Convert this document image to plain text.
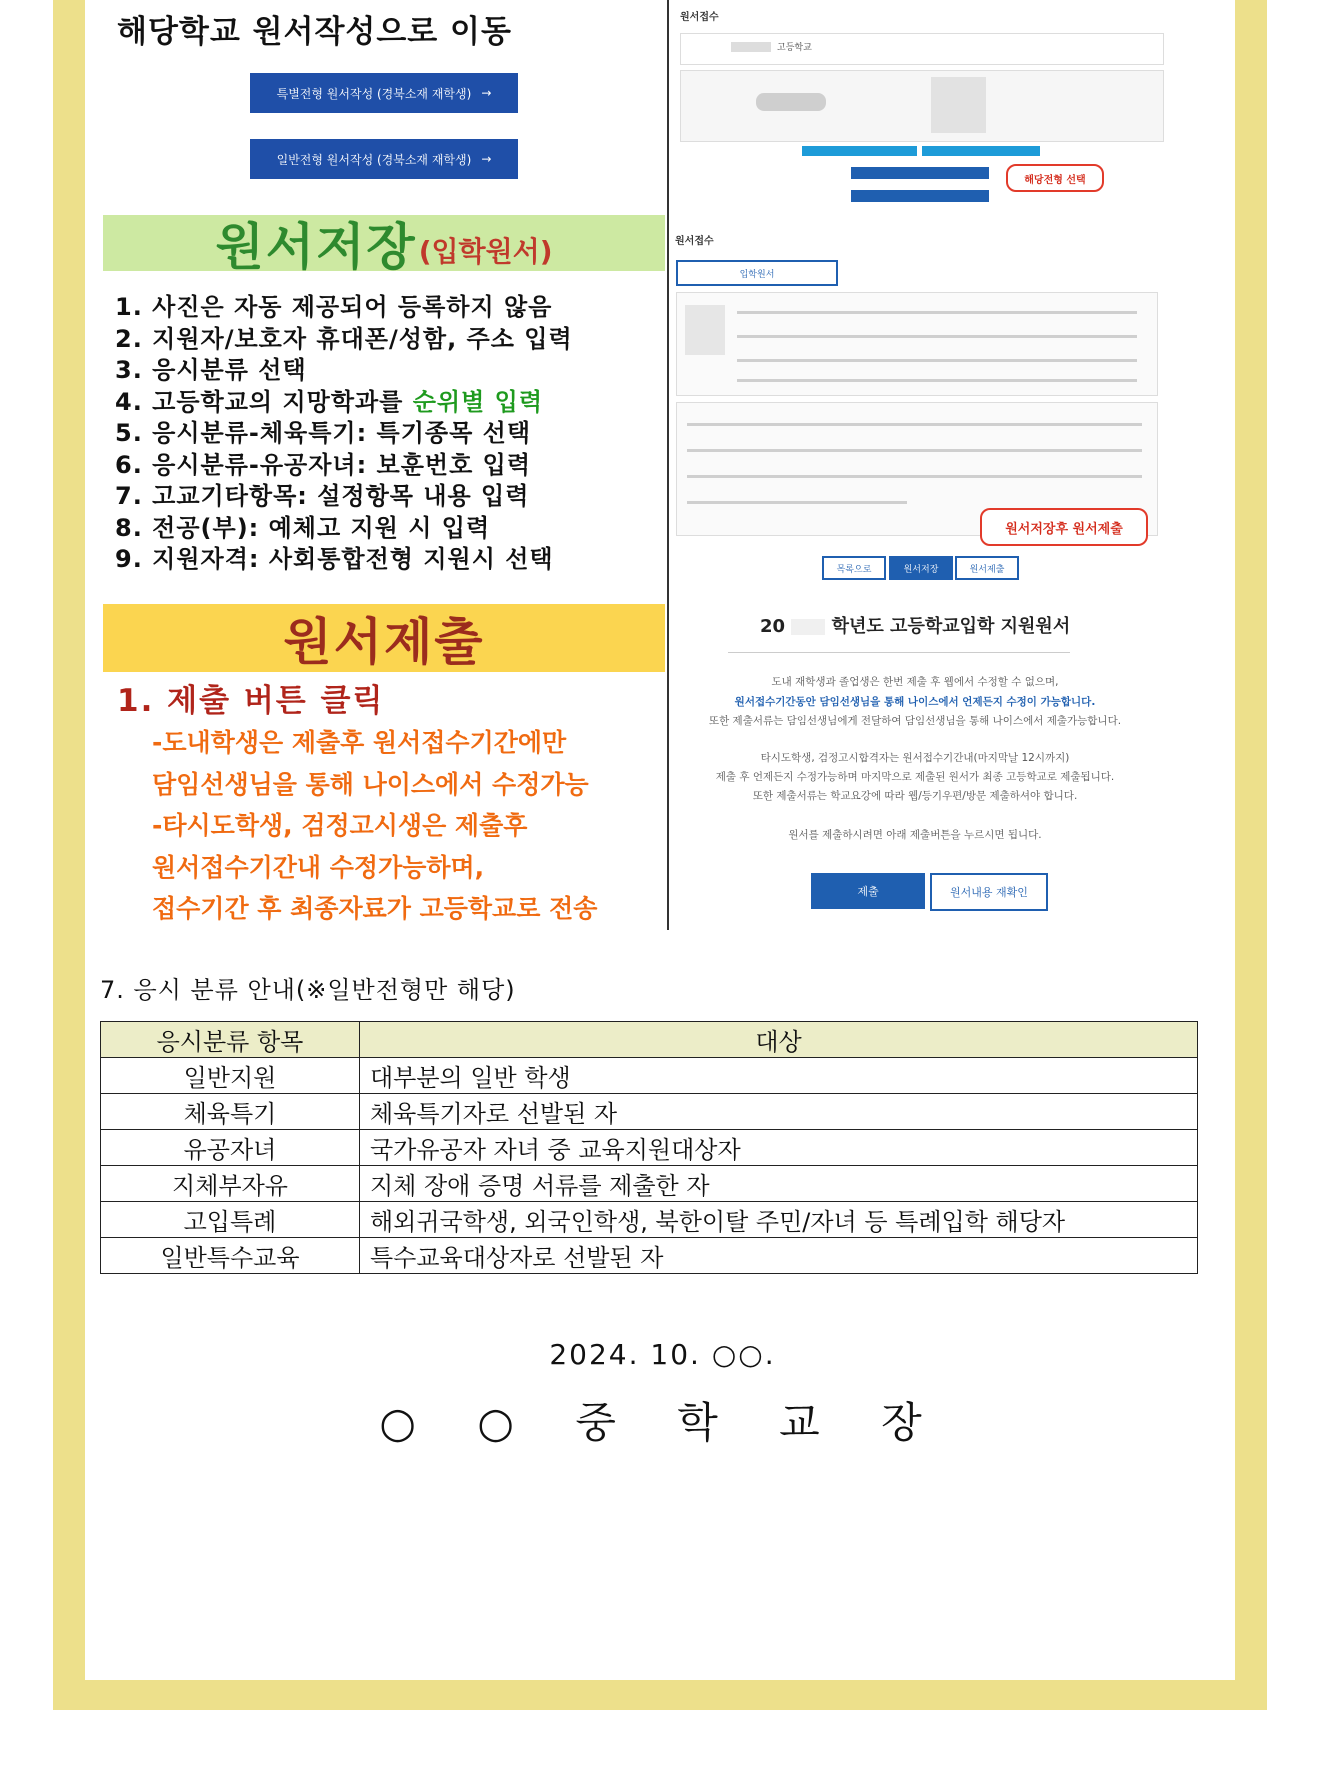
해당학교 원서작성으로 이동
특별전형 원서작성 (경북소재 재학생) →
일반전형 원서작성 (경북소재 재학생) →
원서저장 (입학원서)
1. 사진은 자동 제공되어 등록하지 않음
2. 지원자/보호자 휴대폰/성함, 주소 입력
3. 응시분류 선택
4. 고등학교의 지망학과를 순위별 입력
5. 응시분류-체육특기: 특기종목 선택
6. 응시분류-유공자녀: 보훈번호 입력
7. 고교기타항목: 설정항목 내용 입력
8. 전공(부): 예체고 지원 시 입력
9. 지원자격: 사회통합전형 지원시 선택
원서제출
1. 제출 버튼 클릭
-도내학생은 제출후 원서접수기간에만
담임선생님을 통해 나이스에서 수정가능
-타시도학생, 검정고시생은 제출후
원서접수기간내 수정가능하며,
접수기간 후 최종자료가 고등학교로 전송
원서접수
고등학교
해당전형 선택
원서접수
입학원서
원서저장후 원서제출
목록으로	원서저장	원서제출
20	학년도 고등학교입학 지원원서
도내 재학생과 졸업생은 한번 제출 후 웹에서 수정할 수 없으며,
원서접수기간동안 담임선생님을 통해 나이스에서 언제든지 수정이 가능합니다.
또한 제출서류는 담임선생님에게 전달하여 담임선생님을 통해 나이스에서 제출가능합니다.
타시도학생, 검정고시합격자는 원서접수기간내(마지막날 12시까지)
제출 후 언제든지 수정가능하며 마지막으로 제출된 원서가 최종 고등학교로 제출됩니다.
또한 제출서류는 학교요강에 따라 웹/등기우편/방문 제출하셔야 합니다.
원서를 제출하시려면 아래 제출버튼을 누르시면 됩니다.
제출	원서내용 재확인
7. 응시 분류 안내(※일반전형만 해당)
응시분류 항목	대상
일반지원	대부분의 일반 학생
체육특기	체육특기자로 선발된 자
유공자녀	국가유공자 자녀 중 교육지원대상자
지체부자유	지체 장애 증명 서류를 제출한 자
고입특례	해외귀국학생, 외국인학생, 북한이탈 주민/자녀 등 특례입학 해당자
일반특수교육	특수교육대상자로 선발된 자
2024. 10. ○○.
○ ○ 중 학 교 장
